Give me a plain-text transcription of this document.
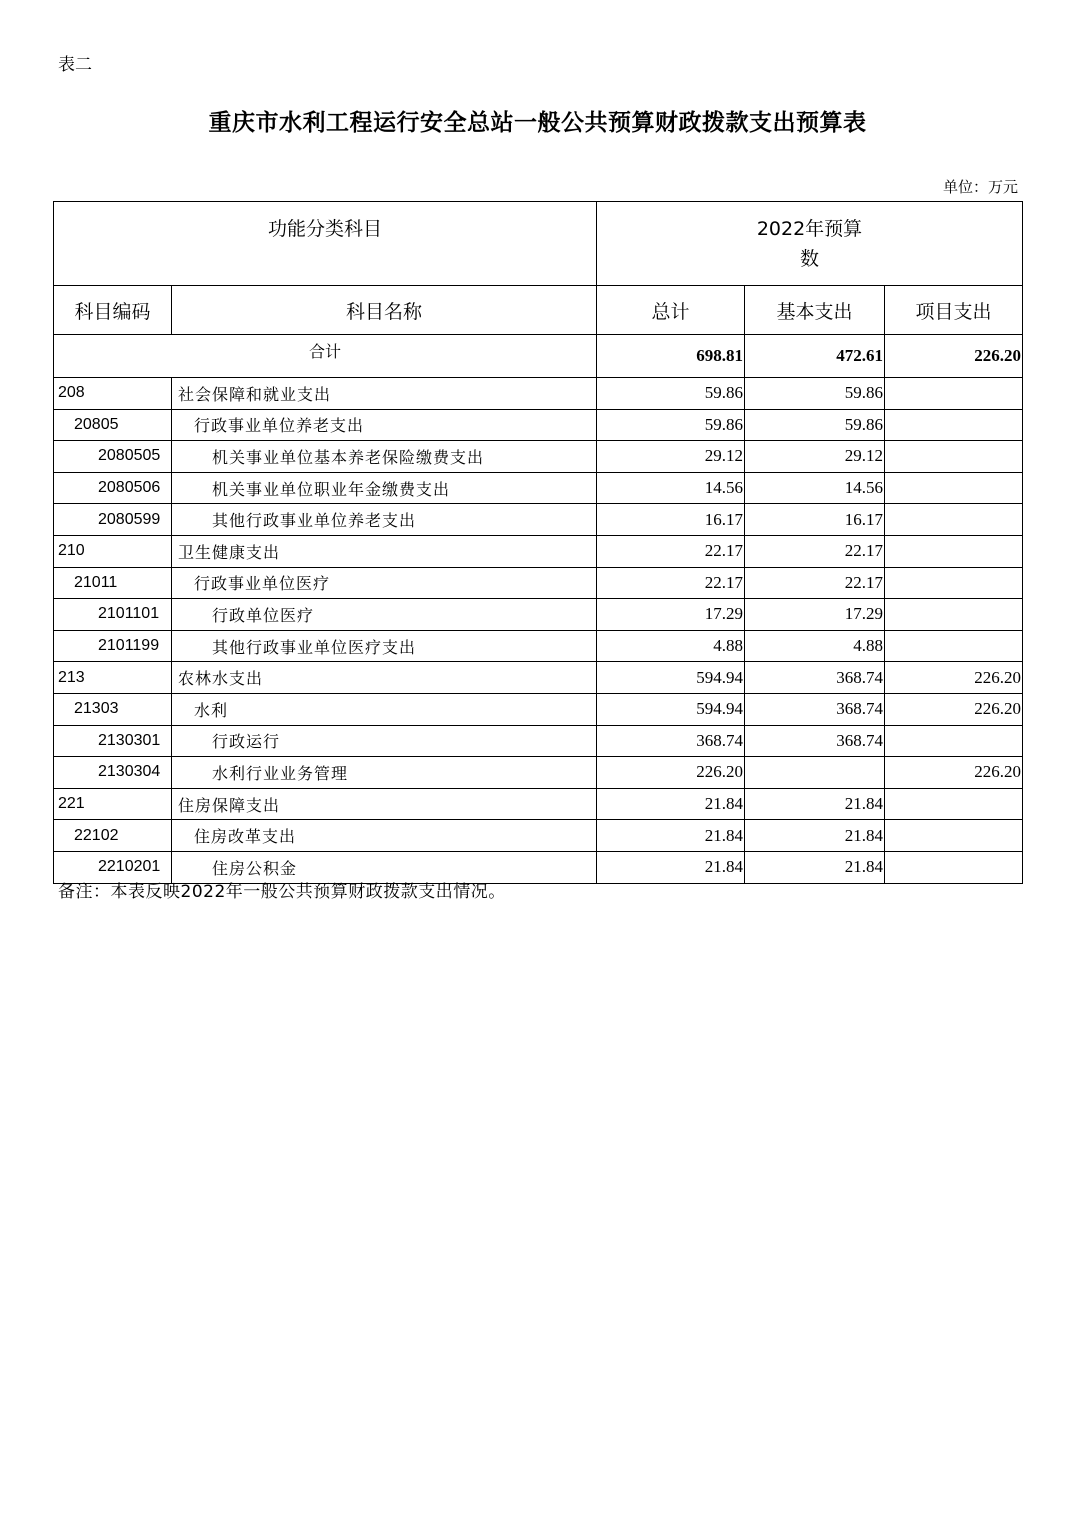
表二
重庆市水利工程运行安全总站一般公共预算财政拨款支出预算表
单位：万元
功能分类科目		2022年预算
数		

科目编码	科目名称	总计	基本支出	项目支出
合计		698.81	472.61	226.20
208	社会保障和就业支出	59.86	59.86	
20805	行政事业单位养老支出	59.86	59.86	
2080505	机关事业单位基本养老保险缴费支出	29.12	29.12	
2080506	机关事业单位职业年金缴费支出	14.56	14.56	
2080599	其他行政事业单位养老支出	16.17	16.17	
210	卫生健康支出	22.17	22.17	
21011	行政事业单位医疗	22.17	22.17	
2101101	行政单位医疗	17.29	17.29	
2101199	其他行政事业单位医疗支出	4.88	4.88	
213	农林水支出	594.94	368.74	226.20
21303	水利	594.94	368.74	226.20
2130301	行政运行	368.74	368.74	
2130304	水利行业业务管理	226.20		226.20
221	住房保障支出	21.84	21.84	
22102	住房改革支出	21.84	21.84	
2210201	住房公积金	21.84	21.84	
备注：本表反映2022年一般公共预算财政拨款支出情况。
